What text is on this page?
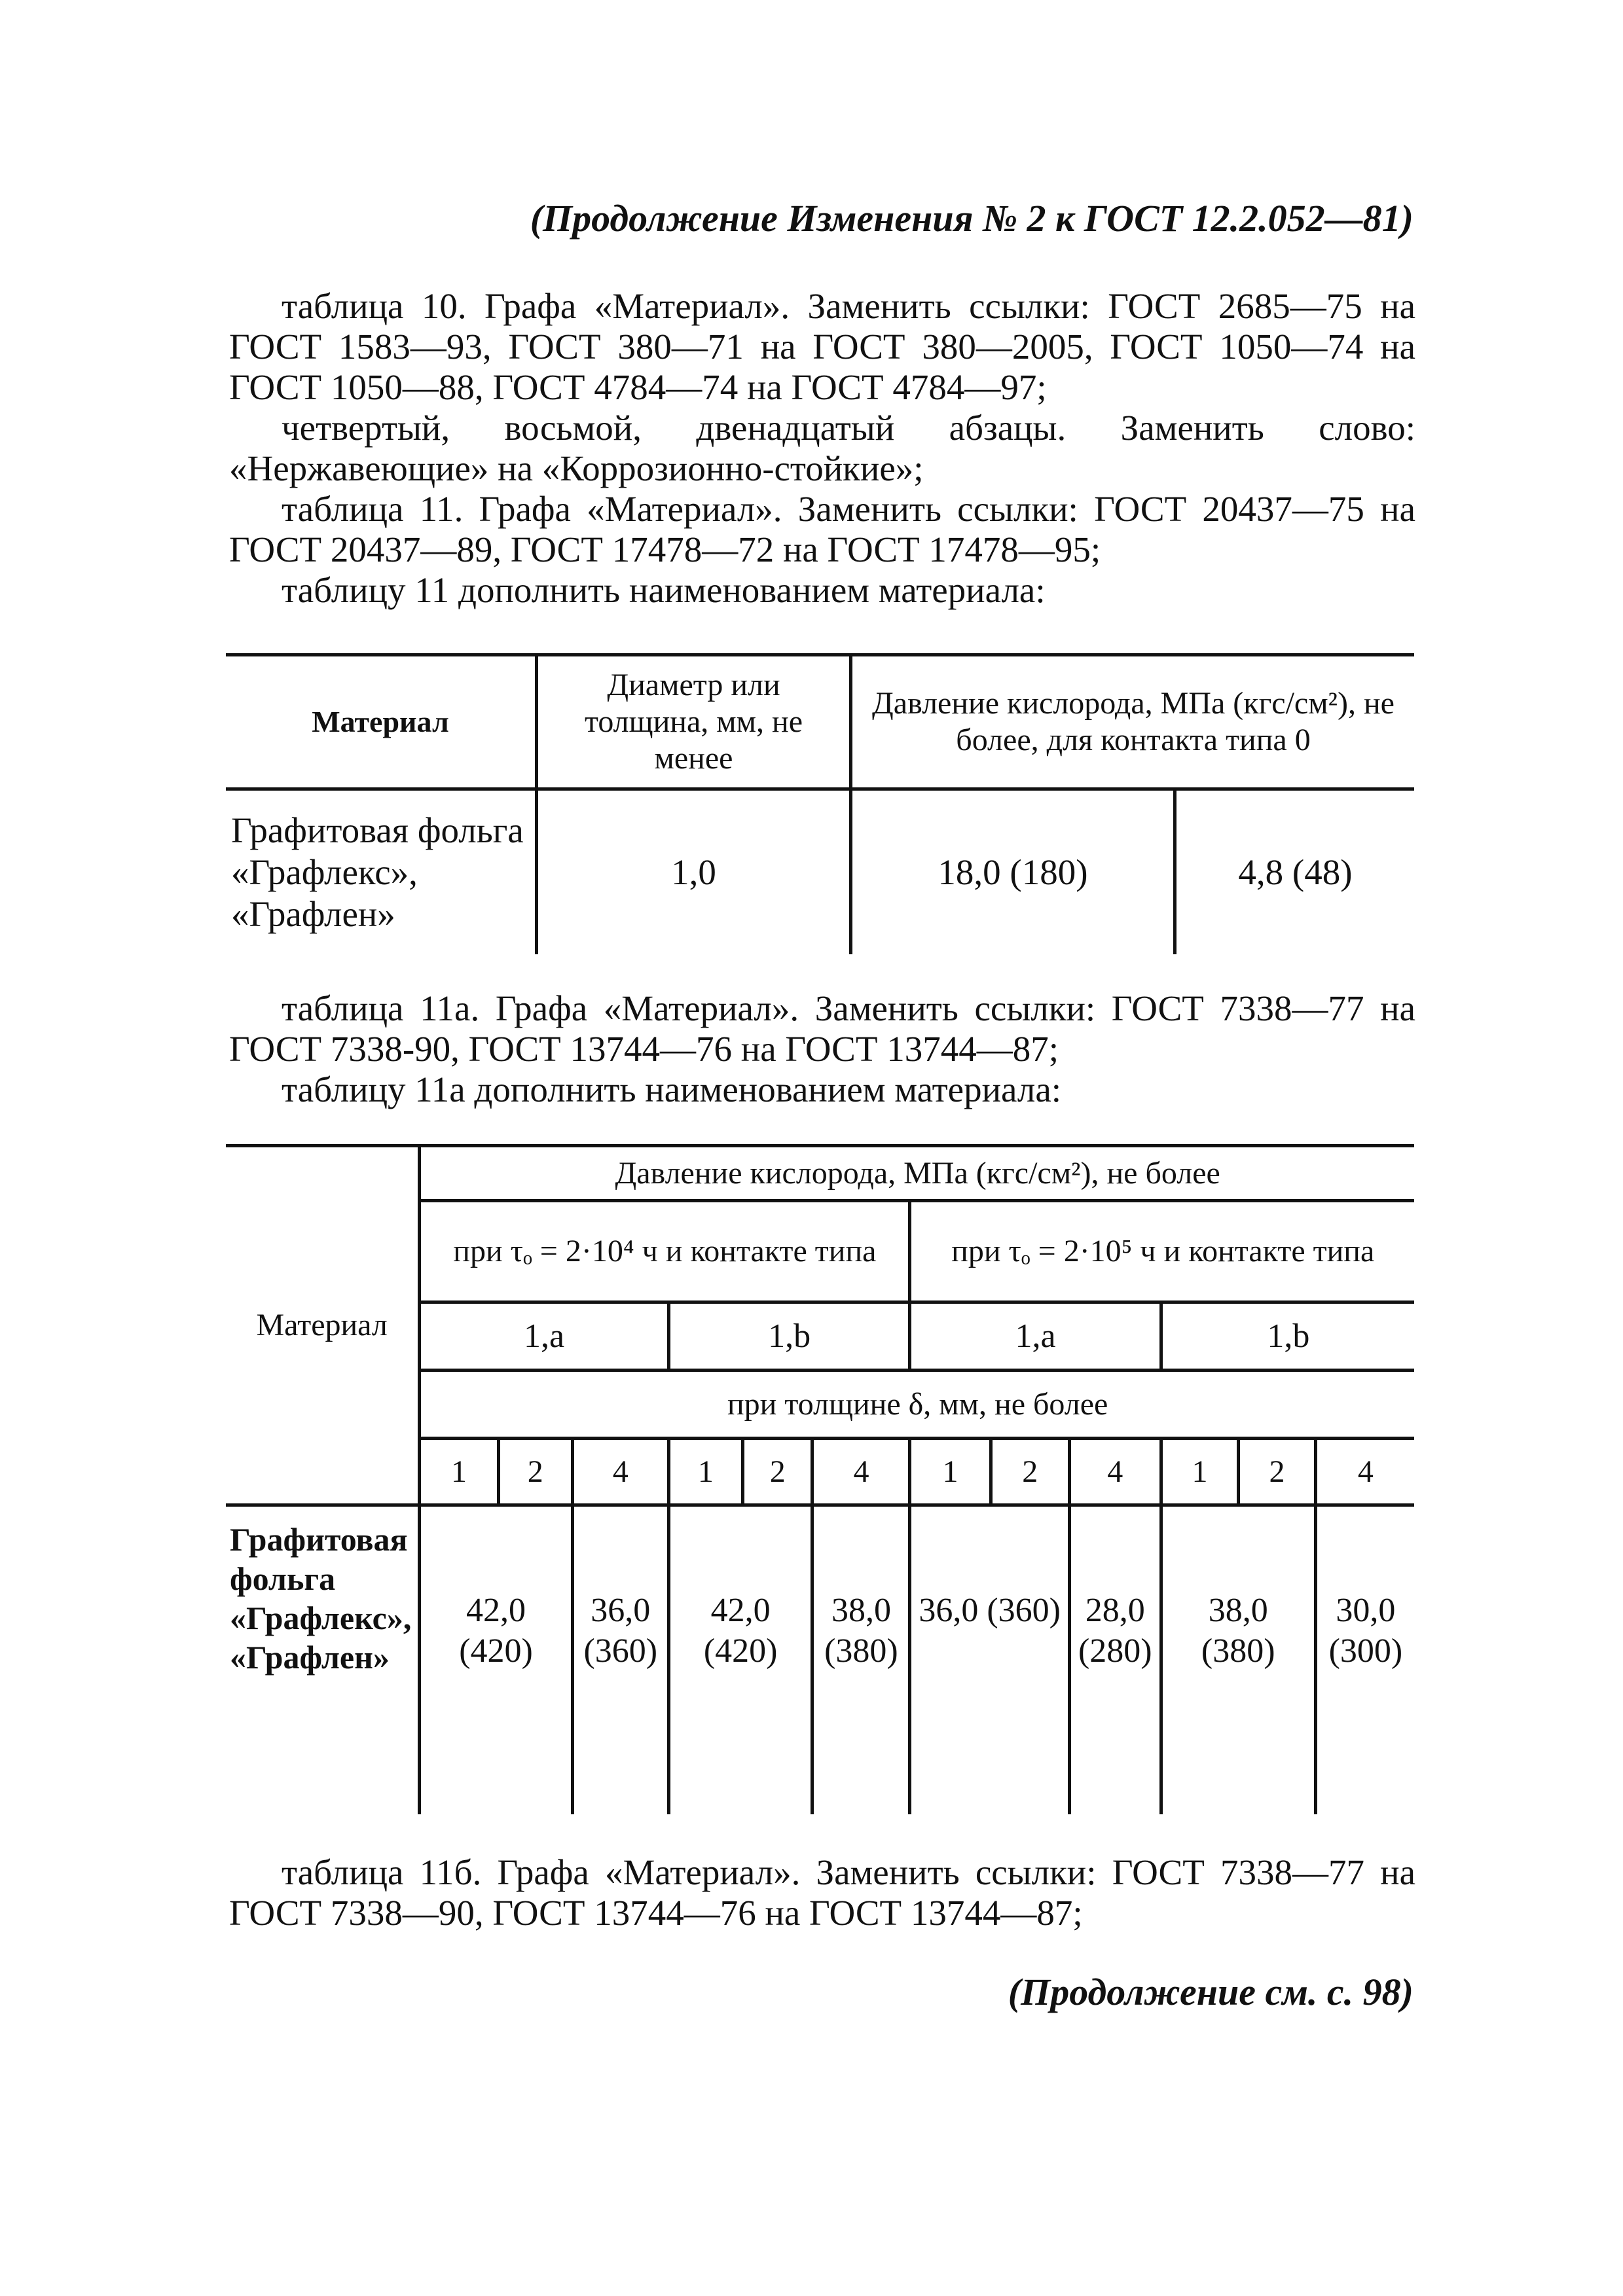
(Продолжение Изменения № 2 к ГОСТ 12.2.052—81)

таблица 10. Графа «Материал». Заменить ссылки: ГОСТ 2685—75 на ГОСТ 1583—93, ГОСТ 380—71 на ГОСТ 380—2005, ГОСТ 1050—74 на ГОСТ 1050—88, ГОСТ 4784—74 на ГОСТ 4784—97;

четвертый, восьмой, двенадцатый абзацы. Заменить слово: «Нержавеющие» на «Коррозионно-стойкие»;

таблица 11. Графа «Материал». Заменить ссылки: ГОСТ 20437—75 на ГОСТ 20437—89, ГОСТ 17478—72 на ГОСТ 17478—95;

таблицу 11 дополнить наименованием материала:

Материал	Диаметр или толщина, мм, не менее	Давление кислорода, МПа (кгс/см²), не более, для контакта типа 0	
Графитовая фольга «Графлекс», «Графлен»	1,0	18,0 (180)	4,8 (48)

таблица 11а. Графа «Материал». Заменить ссылки: ГОСТ 7338—77 на ГОСТ 7338-90, ГОСТ 13744—76 на ГОСТ 13744—87;

таблицу 11а дополнить наименованием материала:

Материал	Давление кислорода, МПа (кгс/см²), не более											
	при τₒ = 2·10⁴ ч и контакте типа						при τₒ = 2·10⁵ ч и контакте типа					
	1,a			1,b			1,a			1,b		
	при толщине δ, мм, не более											
	1	2	4	1	2	4	1	2	4	1	2	4
Графитовая фольга «Графлекс», «Графлен»	42,0 (420)		36,0 (360)	42,0 (420)		38,0 (380)	36,0 (360)		28,0 (280)	38,0 (380)		30,0 (300)

таблица 11б. Графа «Материал». Заменить ссылки: ГОСТ 7338—77 на ГОСТ 7338—90, ГОСТ 13744—76 на ГОСТ 13744—87;

(Продолжение см. с. 98)
